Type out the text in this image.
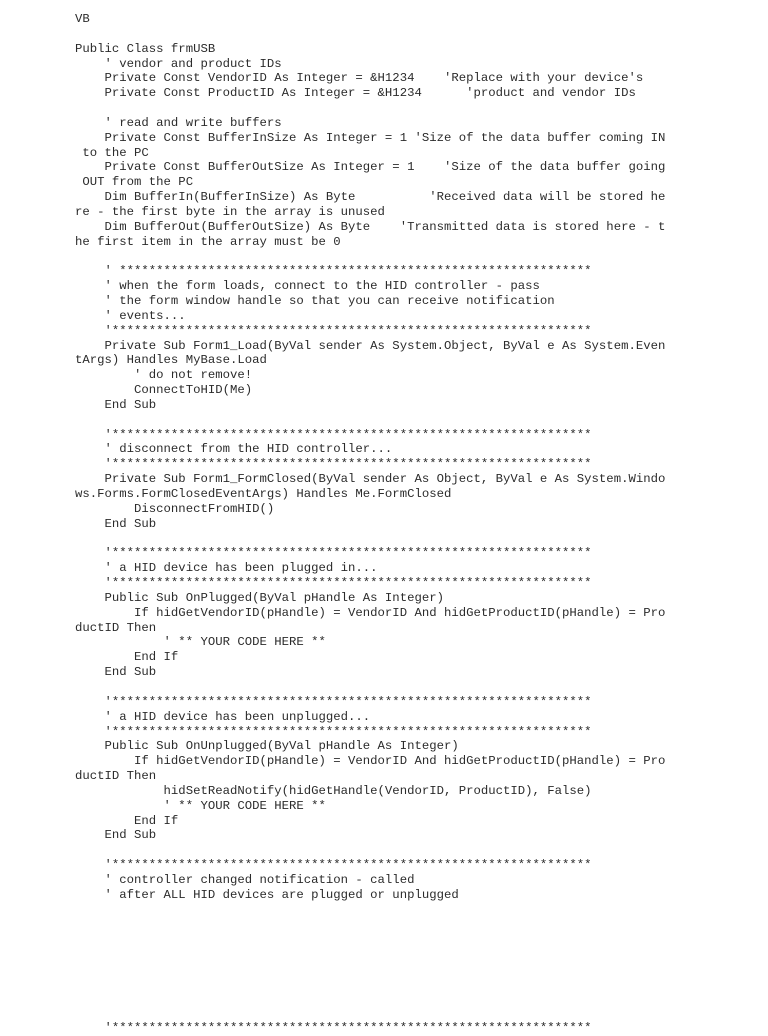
VB
Public Class frmUSB
' vendor and product IDs
Private Const VendorID As Integer = &H1234    'Replace with your device's
Private Const ProductID As Integer = &H1234      'product and vendor IDs
' read and write buffers
Private Const BufferInSize As Integer = 1 'Size of the data buffer coming IN
to the PC
Private Const BufferOutSize As Integer = 1    'Size of the data buffer going
OUT from the PC
Dim BufferIn(BufferInSize) As Byte          'Received data will be stored he
re - the first byte in the array is unused
Dim BufferOut(BufferOutSize) As Byte    'Transmitted data is stored here - t
he first item in the array must be 0
' ****************************************************************
' when the form loads, connect to the HID controller - pass
' the form window handle so that you can receive notification
' events...
'*****************************************************************
Private Sub Form1_Load(ByVal sender As System.Object, ByVal e As System.Even
tArgs) Handles MyBase.Load
' do not remove!
ConnectToHID(Me)
End Sub
'*****************************************************************
' disconnect from the HID controller...
'*****************************************************************
Private Sub Form1_FormClosed(ByVal sender As Object, ByVal e As System.Windo
ws.Forms.FormClosedEventArgs) Handles Me.FormClosed
DisconnectFromHID()
End Sub
'*****************************************************************
' a HID device has been plugged in...
'*****************************************************************
Public Sub OnPlugged(ByVal pHandle As Integer)
If hidGetVendorID(pHandle) = VendorID And hidGetProductID(pHandle) = Pro
ductID Then
' ** YOUR CODE HERE **
End If
End Sub
'*****************************************************************
' a HID device has been unplugged...
'*****************************************************************
Public Sub OnUnplugged(ByVal pHandle As Integer)
If hidGetVendorID(pHandle) = VendorID And hidGetProductID(pHandle) = Pro
ductID Then
hidSetReadNotify(hidGetHandle(VendorID, ProductID), False)
' ** YOUR CODE HERE **
End If
End Sub
'*****************************************************************
' controller changed notification - called
' after ALL HID devices are plugged or unplugged
'*****************************************************************
